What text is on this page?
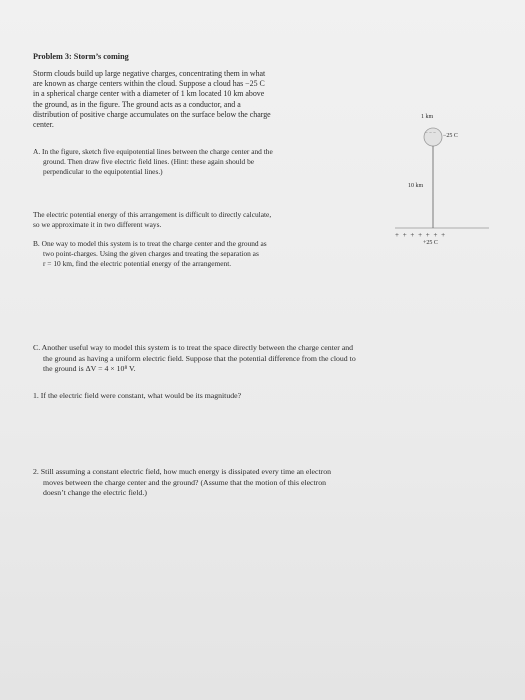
Problem 3: Storm’s coming
Storm clouds build up large negative charges, concentrating them in what
are known as charge centers within the cloud. Suppose a cloud has −25 C
in a spherical charge center with a diameter of 1 km located 10 km above
the ground, as in the figure. The ground acts as a conductor, and a
distribution of positive charge accumulates on the surface below the charge
center.
A. In the figure, sketch five equipotential lines between the charge center and the
ground. Then draw five electric field lines. (Hint: these again should be
perpendicular to the equipotential lines.)
The electric potential energy of this arrangement is difficult to directly calculate,
so we approximate it in two different ways.
B. One way to model this system is to treat the charge center and the ground as
two point-charges. Using the given charges and treating the separation as
r = 10 km, find the electric potential energy of the arrangement.
1 km
− − − −25 C
10 km
+ + + + + + +
+25 C
C. Another useful way to model this system is to treat the space directly between the charge center and
the ground as having a uniform electric field. Suppose that the potential difference from the cloud to
the ground is ΔV = 4 × 10⁸ V.
1. If the electric field were constant, what would be its magnitude?
2. Still assuming a constant electric field, how much energy is dissipated every time an electron
moves between the charge center and the ground? (Assume that the motion of this electron
doesn’t change the electric field.)
